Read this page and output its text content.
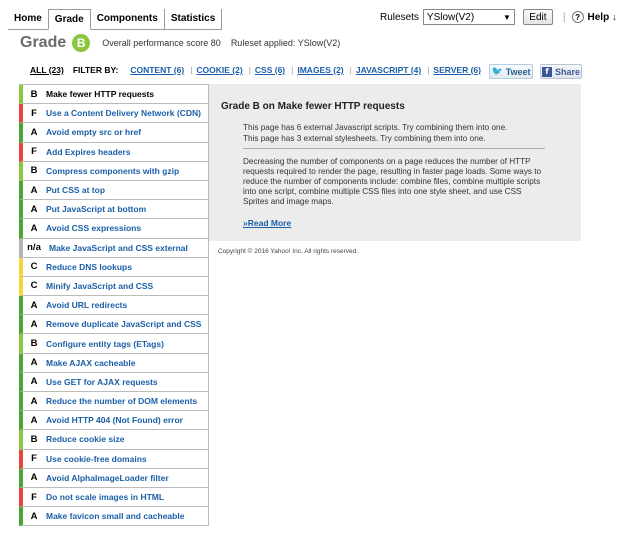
Home	Grade	Components	Statistics	Rulesets YSlow(V2)	▼	Edit	|	? Help ↓
Grade B	Overall performance score 80 Ruleset applied: YSlow(V2)
ALL (23) FILTER BY: CONTENT (6) | COOKIE (2) | CSS (6) | IMAGES (2) | JAVASCRIPT (4) | SERVER (6) 🐦 Tweet	f Share
B	Make fewer HTTP requests
F	Use a Content Delivery Network (CDN)
A	Avoid empty src or href
F	Add Expires headers
B	Compress components with gzip
A	Put CSS at top
A	Put JavaScript at bottom
A	Avoid CSS expressions
n/a Make JavaScript and CSS external
C	Reduce DNS lookups
C	Minify JavaScript and CSS
A	Avoid URL redirects
A	Remove duplicate JavaScript and CSS
B	Configure entity tags (ETags)
A	Make AJAX cacheable
A	Use GET for AJAX requests
A	Reduce the number of DOM elements
A	Avoid HTTP 404 (Not Found) error
B	Reduce cookie size
F	Use cookie-free domains
A	Avoid AlphaImageLoader filter
F	Do not scale images in HTML
A	Make favicon small and cacheable
Grade B on Make fewer HTTP requests
This page has 6 external Javascript scripts. Try combining them into one.
This page has 3 external stylesheets. Try combining them into one.
Decreasing the number of components on a page reduces the number of HTTP requests required to render the page, resulting in faster page loads. Some ways to reduce the number of components include: combine files, combine multiple scripts into one script, combine multiple CSS files into one style sheet, and use CSS Sprites and image maps.
»Read More
Copyright © 2016 Yahoo! Inc. All rights reserved.
